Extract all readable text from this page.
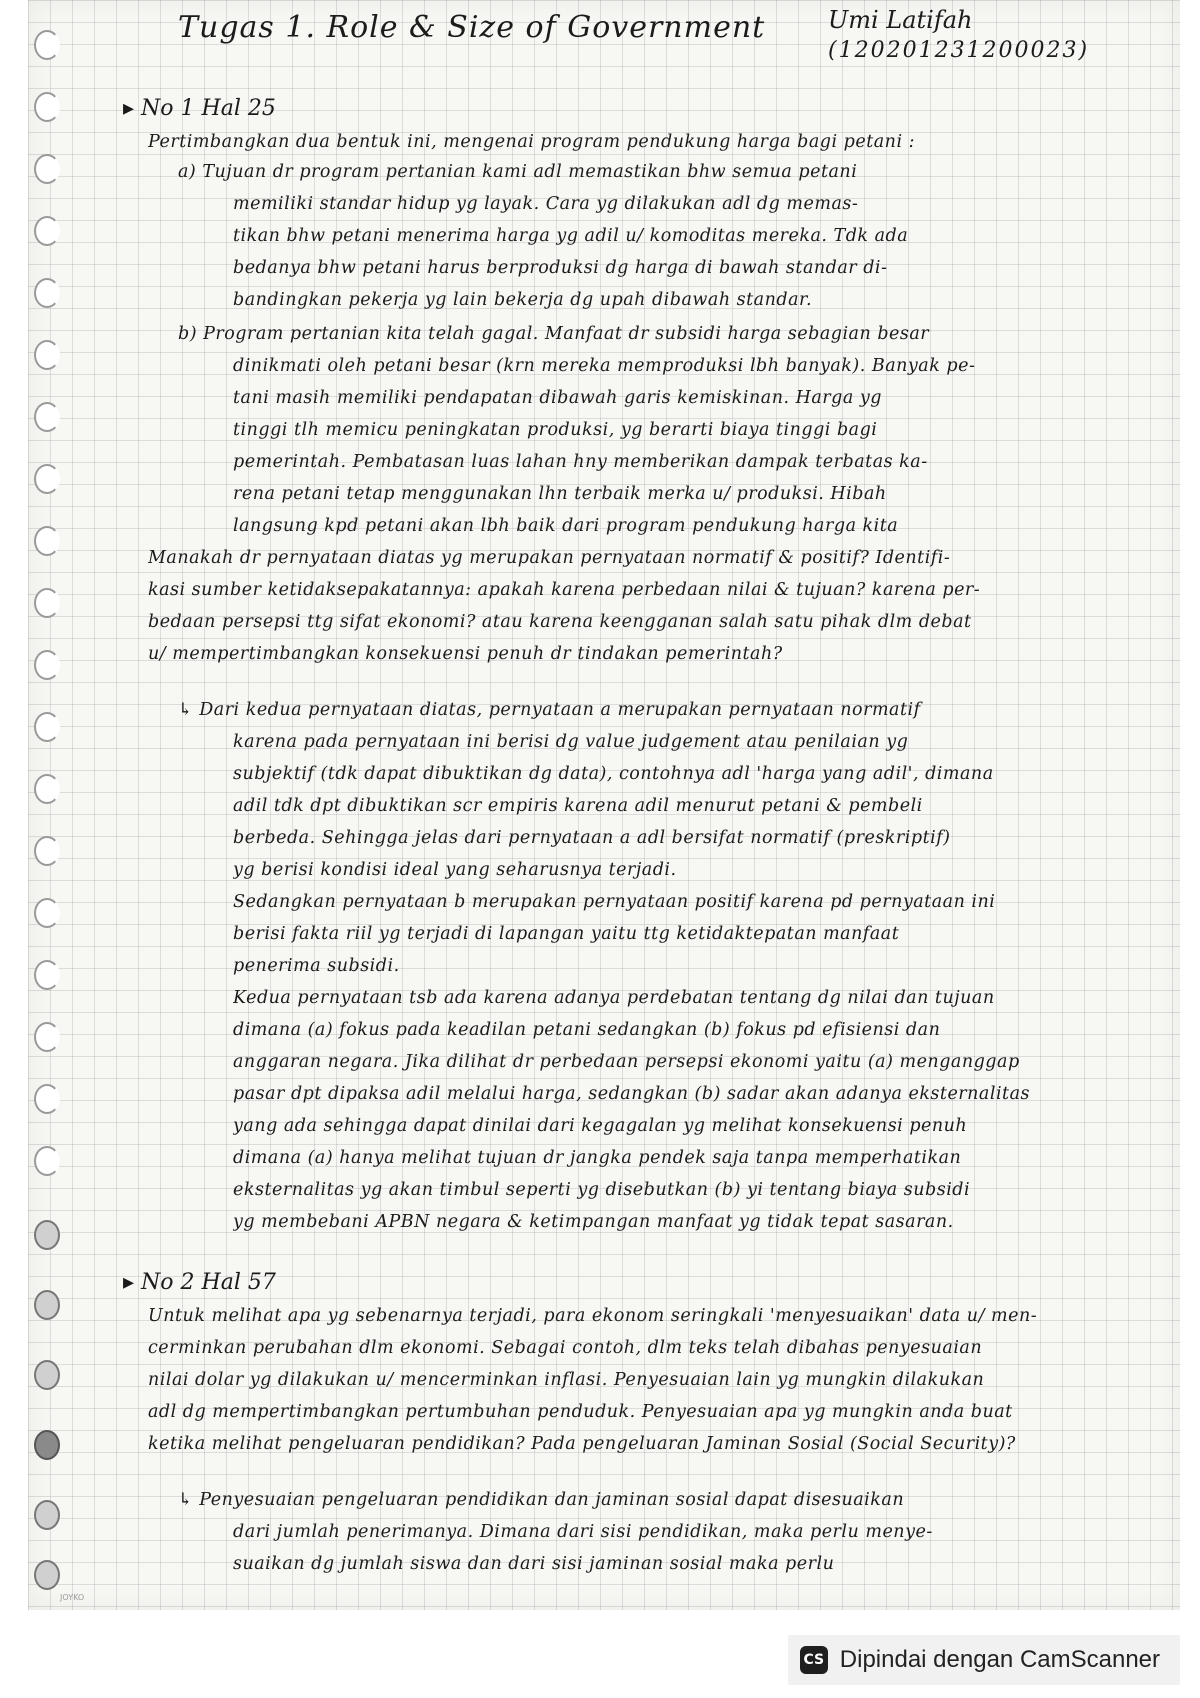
Tugas 1. Role & Size of Government	Umi Latifah
(120201231200023)
▸ No 1 Hal 25
Pertimbangkan dua bentuk ini, mengenai program pendukung harga bagi petani :
a) Tujuan dr program pertanian kami adl memastikan bhw semua petani
memiliki standar hidup yg layak. Cara yg dilakukan adl dg memas-
tikan bhw petani menerima harga yg adil u/ komoditas mereka. Tdk ada
bedanya bhw petani harus berproduksi dg harga di bawah standar di-
bandingkan pekerja yg lain bekerja dg upah dibawah standar.
b) Program pertanian kita telah gagal. Manfaat dr subsidi harga sebagian besar
dinikmati oleh petani besar (krn mereka memproduksi lbh banyak). Banyak pe-
tani masih memiliki pendapatan dibawah garis kemiskinan. Harga yg
tinggi tlh memicu peningkatan produksi, yg berarti biaya tinggi bagi
pemerintah. Pembatasan luas lahan hny memberikan dampak terbatas ka-
rena petani tetap menggunakan lhn terbaik merka u/ produksi. Hibah
langsung kpd petani akan lbh baik dari program pendukung harga kita
Manakah dr pernyataan diatas yg merupakan pernyataan normatif & positif? Identifi-
kasi sumber ketidaksepakatannya: apakah karena perbedaan nilai & tujuan? karena per-
bedaan persepsi ttg sifat ekonomi? atau karena keengganan salah satu pihak dlm debat
u/ mempertimbangkan konsekuensi penuh dr tindakan pemerintah?
↳ Dari kedua pernyataan diatas, pernyataan a merupakan pernyataan normatif
karena pada pernyataan ini berisi dg value judgement atau penilaian yg
subjektif (tdk dapat dibuktikan dg data), contohnya adl 'harga yang adil', dimana
adil tdk dpt dibuktikan scr empiris karena adil menurut petani & pembeli
berbeda. Sehingga jelas dari pernyataan a adl bersifat normatif (preskriptif)
yg berisi kondisi ideal yang seharusnya terjadi.
Sedangkan pernyataan b merupakan pernyataan positif karena pd pernyataan ini
berisi fakta riil yg terjadi di lapangan yaitu ttg ketidaktepatan manfaat
penerima subsidi.
Kedua pernyataan tsb ada karena adanya perdebatan tentang dg nilai dan tujuan
dimana (a) fokus pada keadilan petani sedangkan (b) fokus pd efisiensi dan
anggaran negara. Jika dilihat dr perbedaan persepsi ekonomi yaitu (a) menganggap
pasar dpt dipaksa adil melalui harga, sedangkan (b) sadar akan adanya eksternalitas
yang ada sehingga dapat dinilai dari kegagalan yg melihat konsekuensi penuh
dimana (a) hanya melihat tujuan dr jangka pendek saja tanpa memperhatikan
eksternalitas yg akan timbul seperti yg disebutkan (b) yi tentang biaya subsidi
yg membebani APBN negara & ketimpangan manfaat yg tidak tepat sasaran.
▸ No 2 Hal 57
Untuk melihat apa yg sebenarnya terjadi, para ekonom seringkali 'menyesuaikan' data u/ men-
cerminkan perubahan dlm ekonomi. Sebagai contoh, dlm teks telah dibahas penyesuaian
nilai dolar yg dilakukan u/ mencerminkan inflasi. Penyesuaian lain yg mungkin dilakukan
adl dg mempertimbangkan pertumbuhan penduduk. Penyesuaian apa yg mungkin anda buat
ketika melihat pengeluaran pendidikan? Pada pengeluaran Jaminan Sosial (Social Security)?
↳ Penyesuaian pengeluaran pendidikan dan jaminan sosial dapat disesuaikan
dari jumlah penerimanya. Dimana dari sisi pendidikan, maka perlu menye-
suaikan dg jumlah siswa dan dari sisi jaminan sosial maka perlu
JOYKO
CS Dipindai dengan CamScanner
